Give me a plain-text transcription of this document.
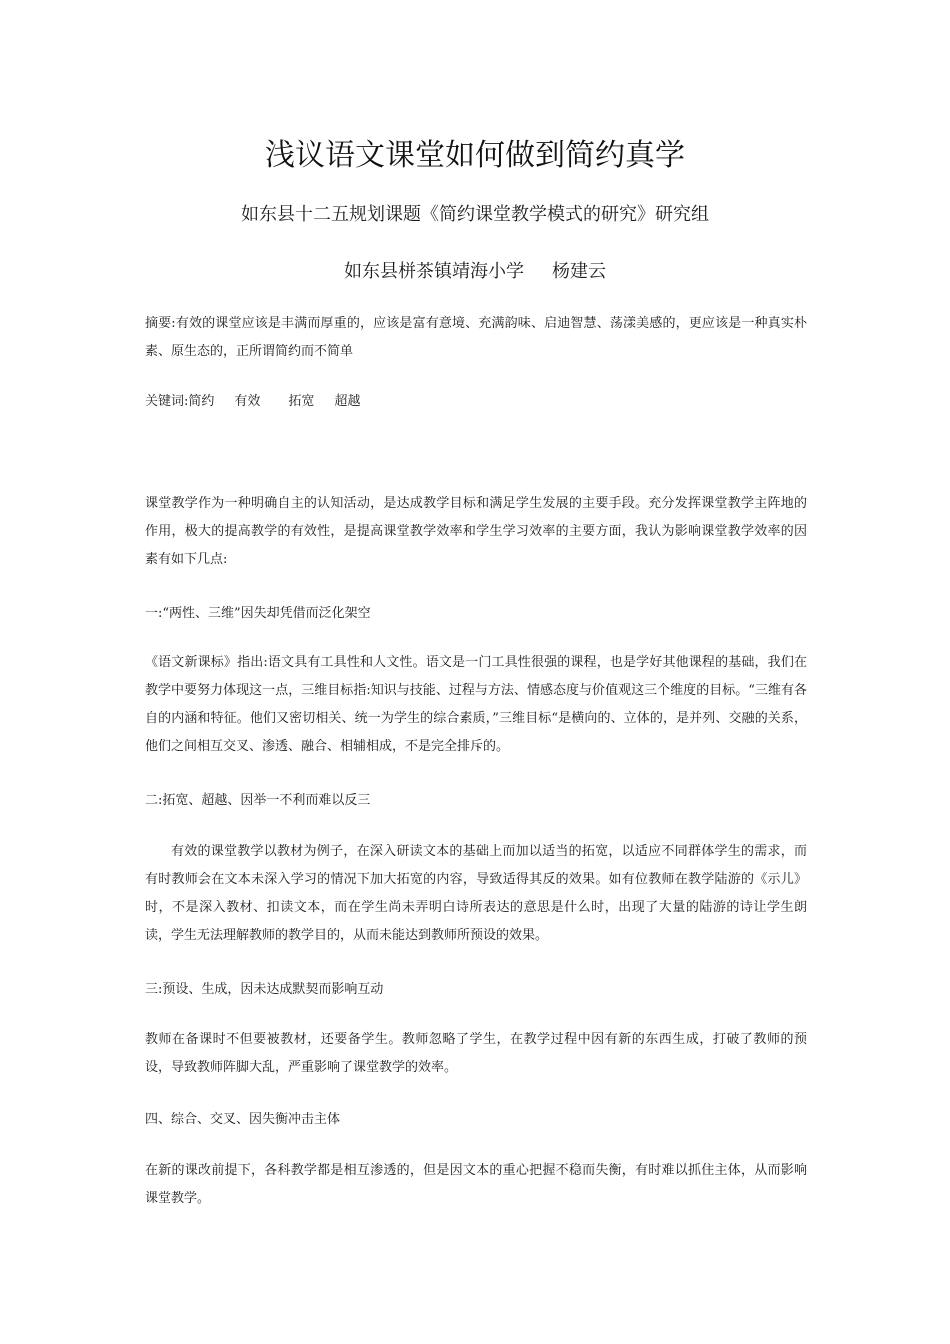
浅议语文课堂如何做到简约真学
如东县十二五规划课题《简约课堂教学模式的研究》研究组
如东县栟茶镇靖海小学 杨建云
摘要:有效的课堂应该是丰满而厚重的，应该是富有意境、充满韵味、启迪智慧、荡漾美感的，更应该是一种真实朴素、原生态的，正所谓简约而不简单
关键词:简约 有效 拓宽 超越
课堂教学作为一种明确自主的认知活动，是达成教学目标和满足学生发展的主要手段。充分发挥课堂教学主阵地的作用，极大的提高教学的有效性，是提高课堂教学效率和学生学习效率的主要方面，我认为影响课堂教学效率的因素有如下几点:
一:“两性、三维”因失却凭借而泛化架空
《语文新课标》指出:语文具有工具性和人文性。语文是一门工具性很强的课程，也是学好其他课程的基础，我们在教学中要努力体现这一点，三维目标指:知识与技能、过程与方法、情感态度与价值观这三个维度的目标。“三维有各自的内涵和特征。他们又密切相关、统一为学生的综合素质，”三维目标“是横向的、立体的，是并列、交融的关系，他们之间相互交叉、渗透、融合、相辅相成，不是完全排斥的。
二:拓宽、超越、因举一不利而难以反三
有效的课堂教学以教材为例子，在深入研读文本的基础上而加以适当的拓宽，以适应不同群体学生的需求，而有时教师会在文本未深入学习的情况下加大拓宽的内容，导致适得其反的效果。如有位教师在教学陆游的《示儿》时，不是深入教材、扣读文本，而在学生尚未弄明白诗所表达的意思是什么时，出现了大量的陆游的诗让学生朗读，学生无法理解教师的教学目的，从而未能达到教师所预设的效果。
三:预设、生成，因未达成默契而影响互动
教师在备课时不但要被教材，还要备学生。教师忽略了学生，在教学过程中因有新的东西生成，打破了教师的预设，导致教师阵脚大乱，严重影响了课堂教学的效率。
四、综合、交叉、因失衡冲击主体
在新的课改前提下，各科教学都是相互渗透的，但是因文本的重心把握不稳而失衡，有时难以抓住主体，从而影响课堂教学。
